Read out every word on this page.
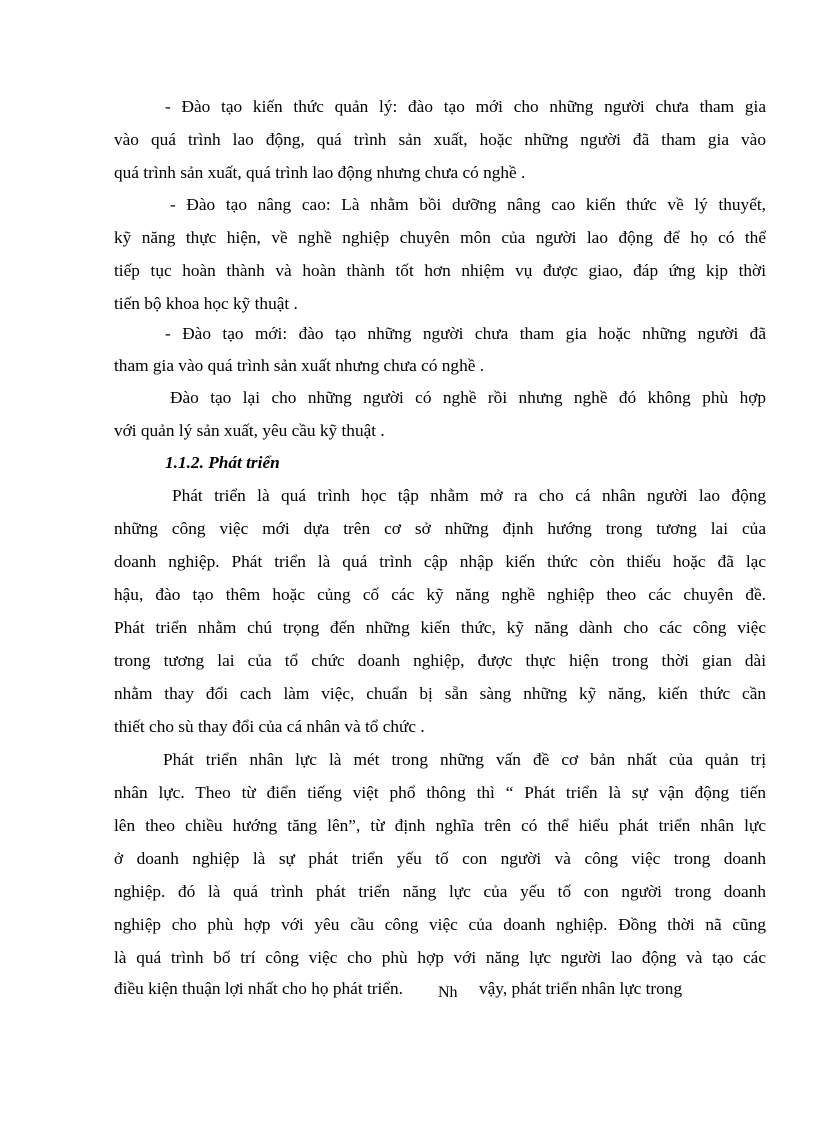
- Đào tạo kiến thức quản lý: đào tạo mới cho những người chưa tham gia
vào quá trình lao động, quá trình sản xuất, hoặc những người đã tham gia vào
quá trình sản xuất, quá trình lao động nhưng chưa có nghề .
- Đào tạo nâng cao: Là nhằm bồi dưỡng nâng cao kiến thức về lý thuyết,
kỹ năng thực hiện, về nghề nghiệp chuyên môn của người lao động để họ có thể
tiếp tục hoàn thành và hoàn thành tốt hơn nhiệm vụ được giao, đáp ứng kịp thời
tiến bộ khoa học kỹ thuật .
- Đào tạo mới: đào tạo những người chưa tham gia hoặc những người đã
tham gia vào quá trình sản xuất nhưng chưa có nghề .
Đào tạo lại cho những người có nghề rồi nhưng nghề đó không phù hợp
với quản lý sản xuất, yêu cầu kỹ thuật .
1.1.2. Phát triển
Phát triển là quá trình học tập nhằm mở ra cho cá nhân người lao động
những công việc mới dựa trên cơ sở những định hướng trong tương lai của
doanh nghiệp. Phát triển là quá trình cập nhập kiến thức còn thiếu hoặc đã lạc
hậu, đào tạo thêm hoặc củng cố các kỹ năng nghề nghiệp theo các chuyên đề.
Phát triển nhằm chú trọng đến những kiến thức, kỹ năng dành cho các công việc
trong tương lai của tổ chức doanh nghiệp, được thực hiện trong thời gian dài
nhằm thay đổi cach làm việc, chuẩn bị sẵn sàng những kỹ năng, kiến thức cần
thiết cho sù thay đổi của cá nhân và tổ chức .
Phát triển nhân lực là mét trong những vấn đề cơ bản nhất của quản trị
nhân lực. Theo từ điển tiếng việt phổ thông thì “ Phát triển là sự vận động tiến
lên theo chiều hướng tăng lên”, từ định nghĩa trên có thể hiểu phát triển nhân lực
ở doanh nghiệp là sự phát triển yếu tố con người và công việc trong doanh
nghiệp. đó là quá trình phát triển năng lực của yếu tố con người trong doanh
nghiệp cho phù hợp với yêu cầu công việc của doanh nghiệp. Đồng thời nã cũng
là quá trình bố trí công việc cho phù hợp với năng lực người lao động và tạo các
điều kiện thuận lợi nhất cho họ phát triển. Nh vậy, phát triển nhân lực trong
